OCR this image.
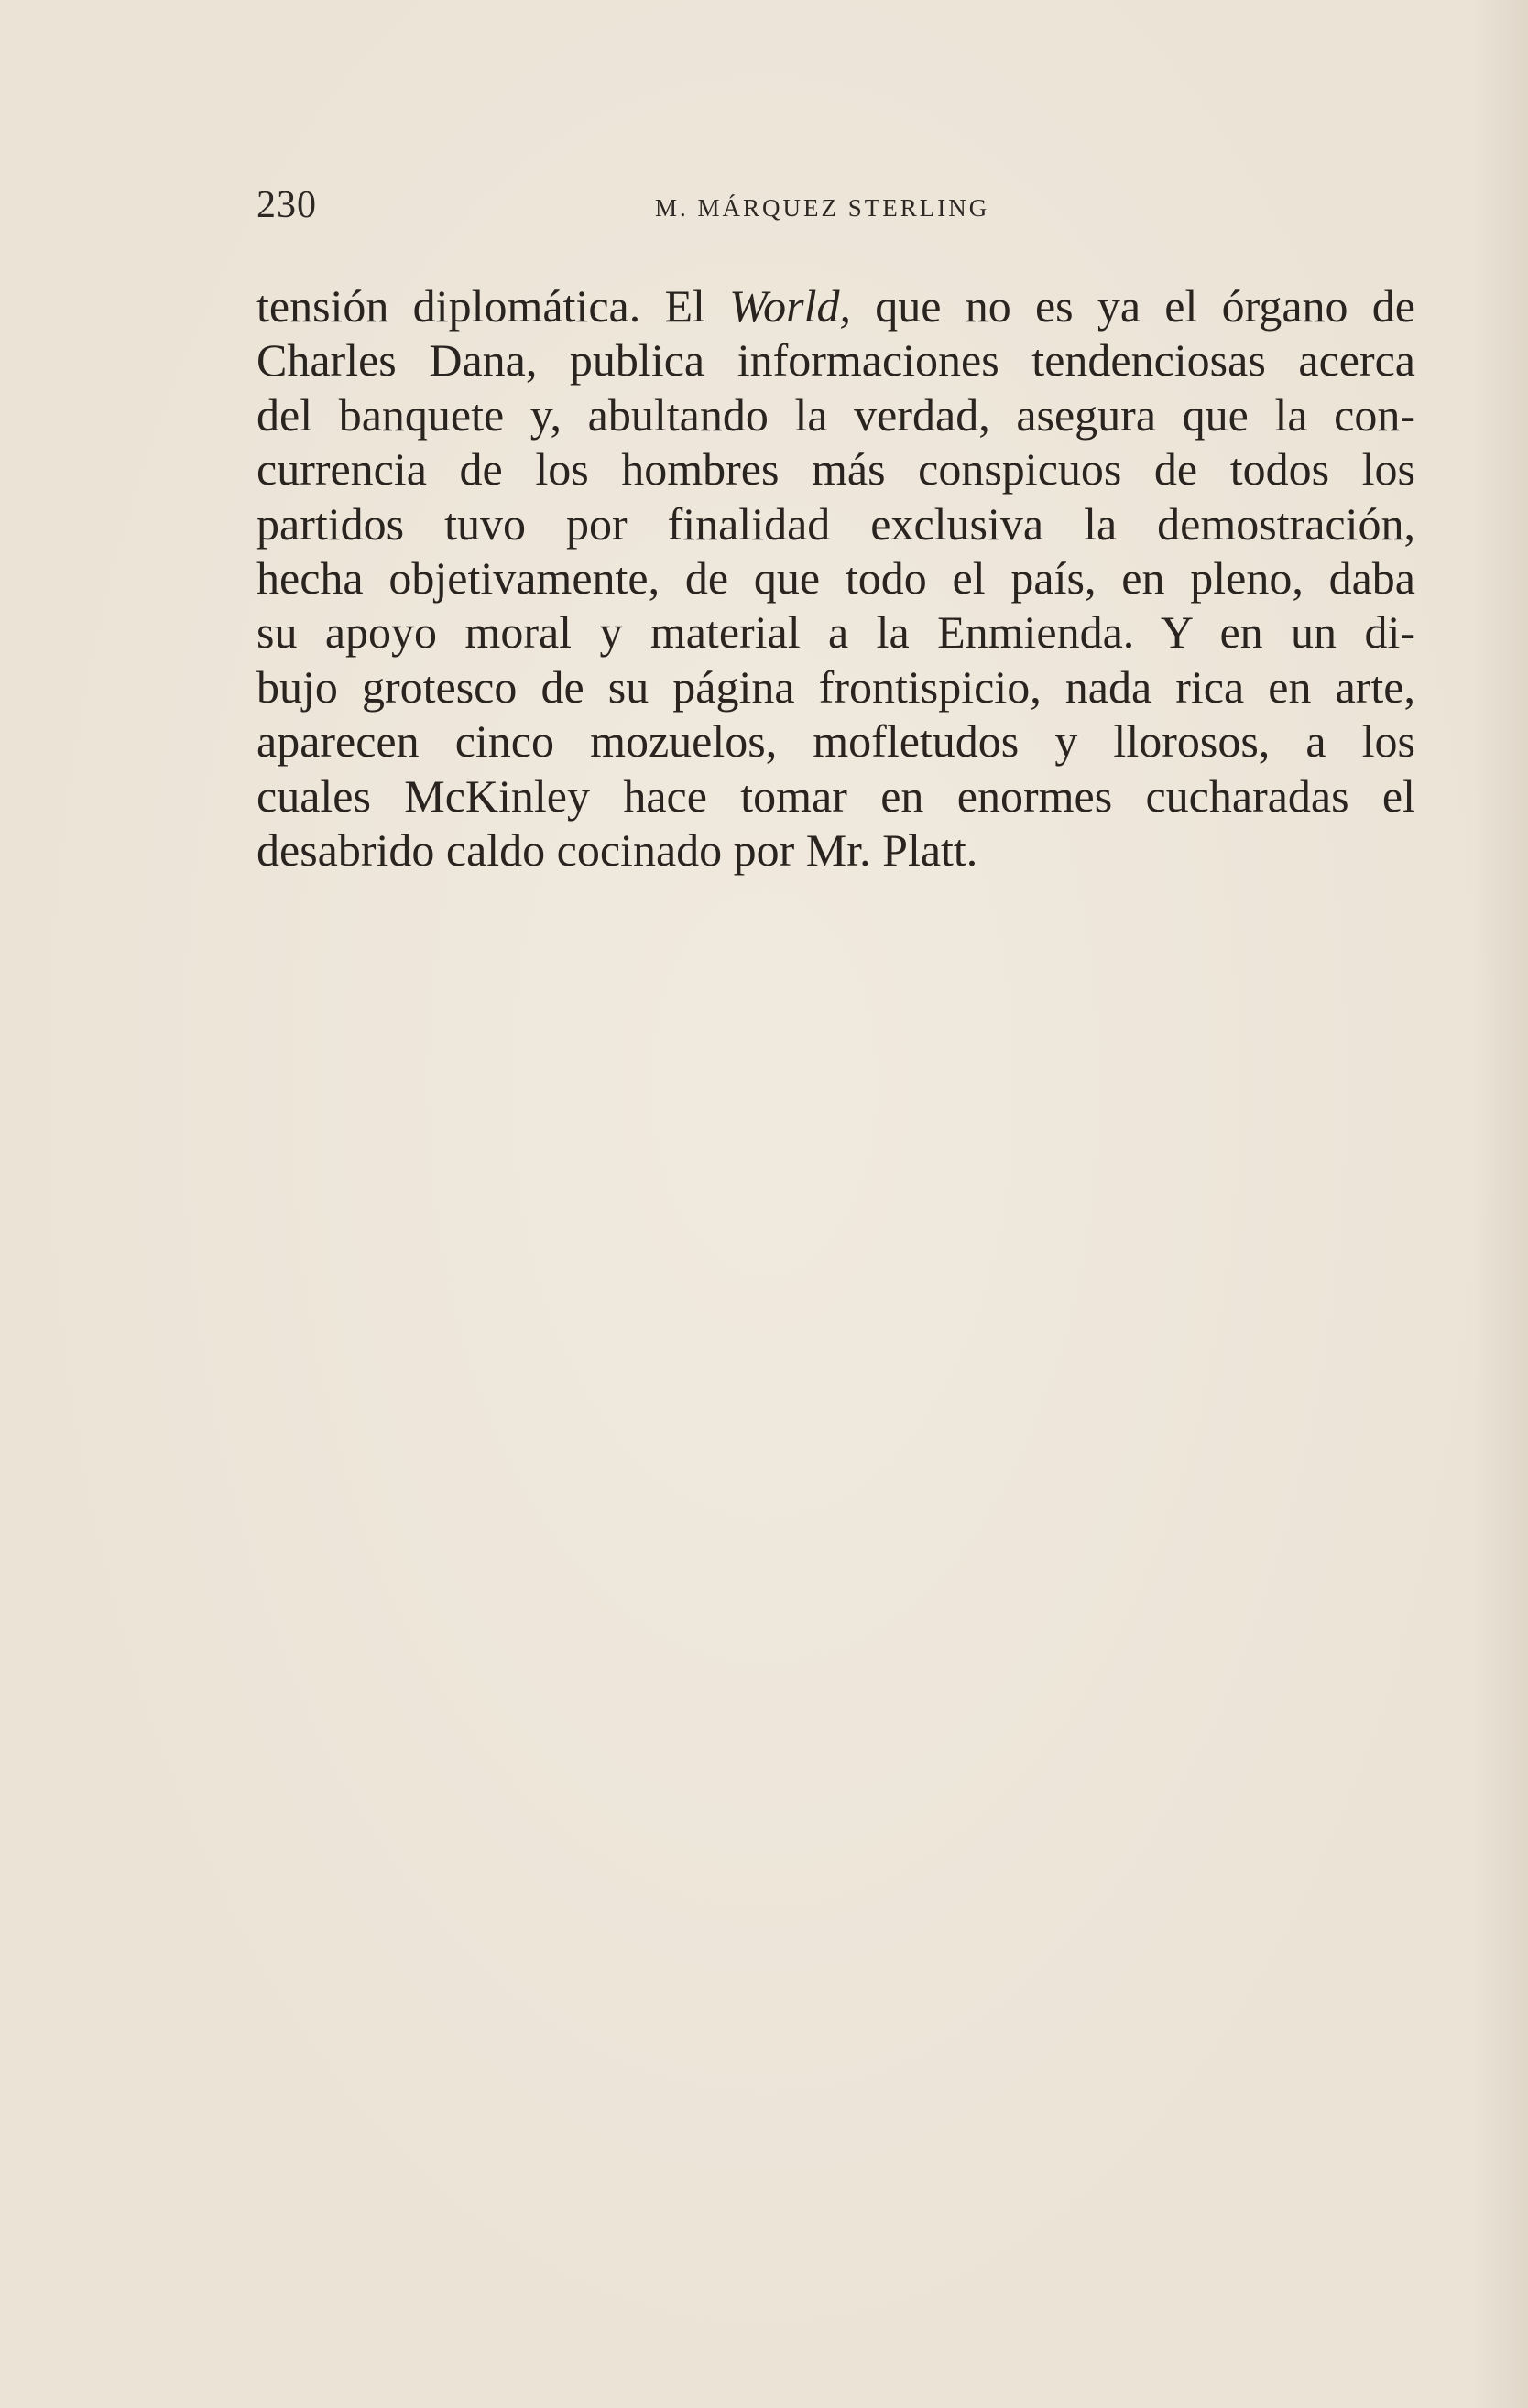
230	M. MÁRQUEZ STERLING
tensión diplomática. El World, que no es ya el órgano de
Charles Dana, publica informaciones tendenciosas acerca
del banquete y, abultando la verdad, asegura que la con-
currencia de los hombres más conspicuos de todos los
partidos tuvo por finalidad exclusiva la demostración,
hecha objetivamente, de que todo el país, en pleno, daba
su apoyo moral y material a la Enmienda. Y en un di-
bujo grotesco de su página frontispicio, nada rica en arte,
aparecen cinco mozuelos, mofletudos y llorosos, a los
cuales McKinley hace tomar en enormes cucharadas el
desabrido caldo cocinado por Mr. Platt.
